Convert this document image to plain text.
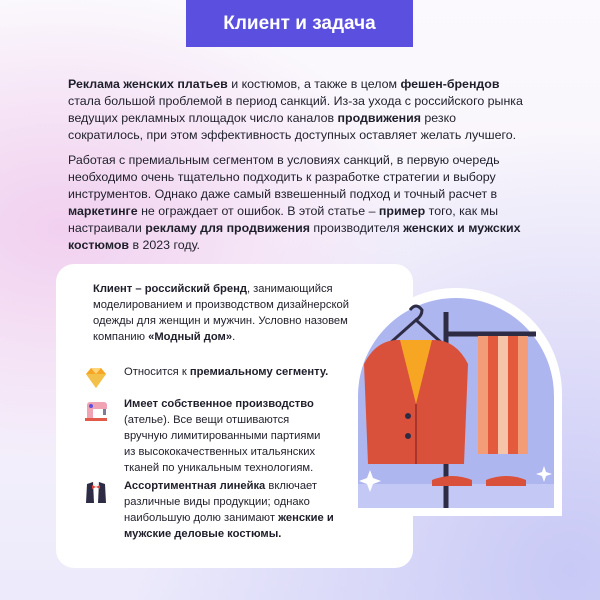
Клиент и задача

Реклама женских платьев и костюмов, а также в целом фешен-брендов стала большой проблемой в период санкций. Из-за ухода с российского рынка ведущих рекламных площадок число каналов продвижения резко сократилось, при этом эффективность доступных оставляет желать лучшего.

Работая с премиальным сегментом в условиях санкций, в первую очередь необходимо очень тщательно подходить к разработке стратегии и выбору инструментов. Однако даже самый взвешенный подход и точный расчет в маркетинге не ограждает от ошибок. В этой статье – пример того, как мы настраивали рекламу для продвижения производителя женских и мужских костюмов в 2023 году.

Клиент – российский бренд, занимающийся моделированием и производством дизайнерской одежды для женщин и мужчин. Условно назовем компанию «Модный дом».
Относится к премиальному сегменту.
Имеет собственное производство (ателье). Все вещи отшиваются вручную лимитированными партиями из высококачественных итальянских тканей по уникальным технологиям.
Ассортиментная линейка включает различные виды продукции; однако наибольшую долю занимают женские и мужские деловые костюмы.
